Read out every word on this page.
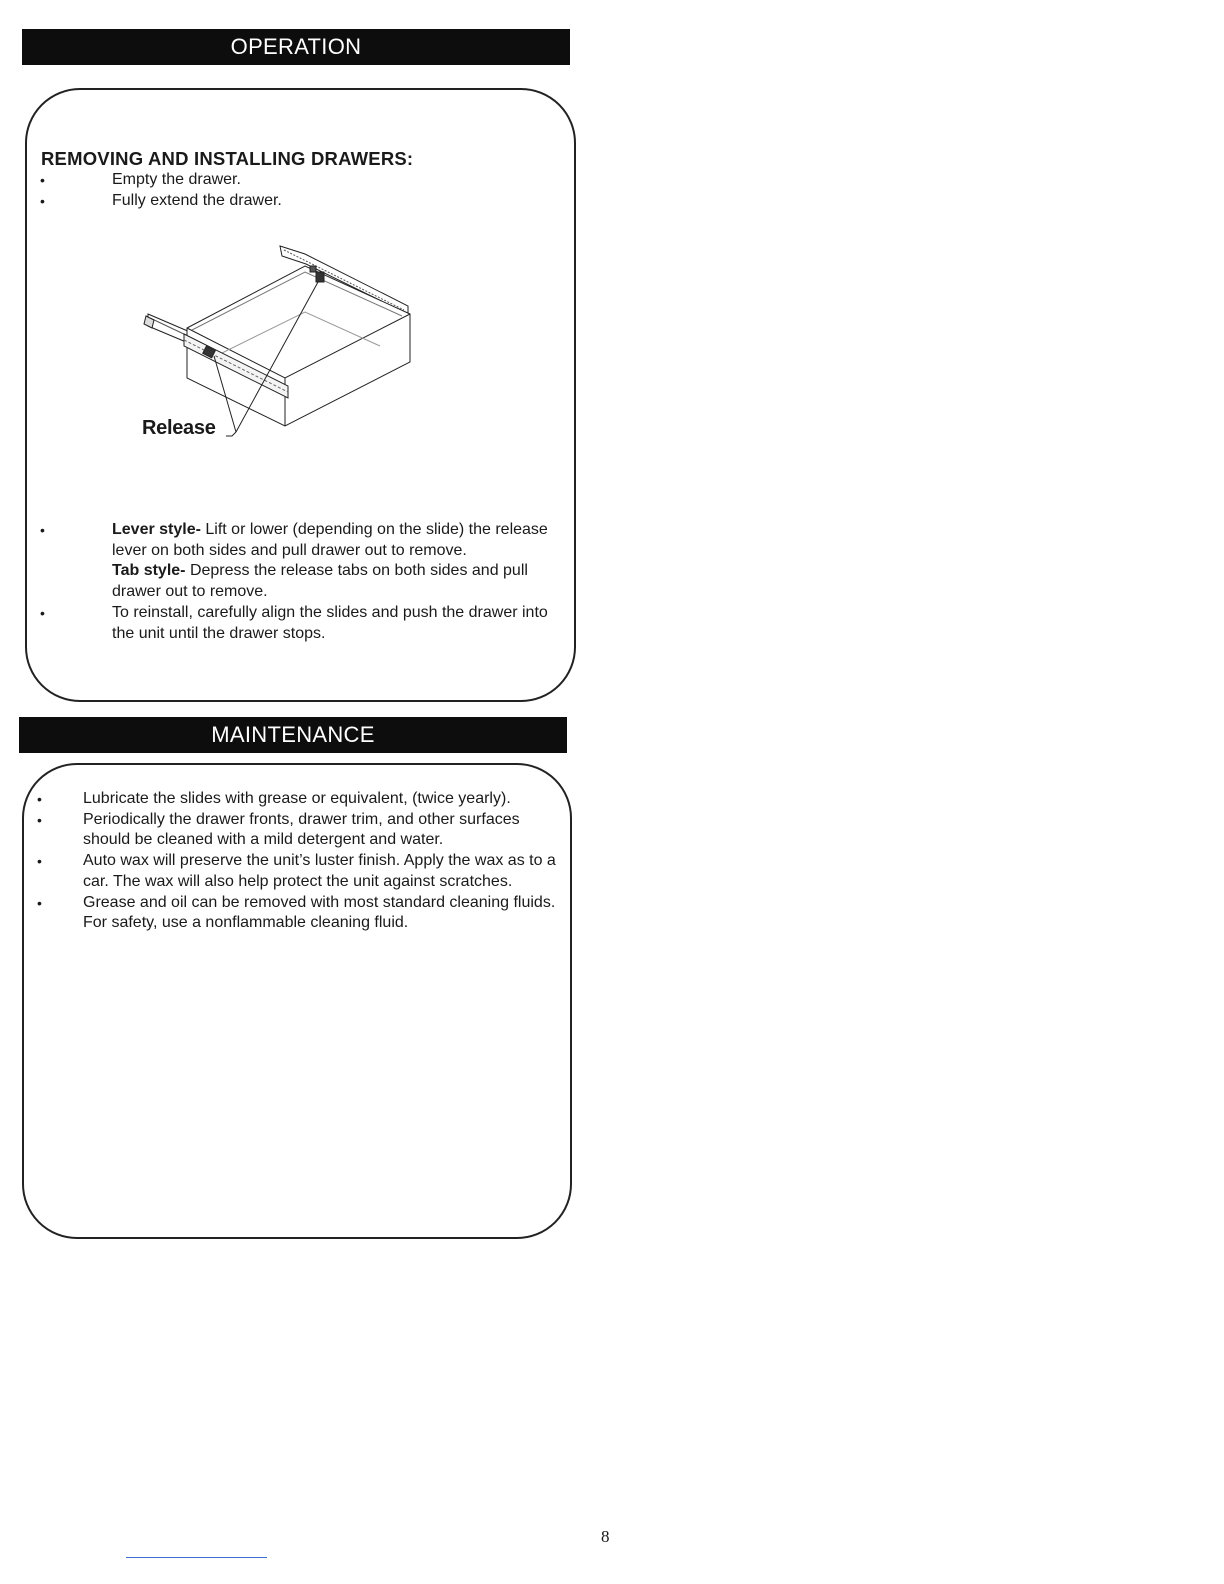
OPERATION
REMOVING AND INSTALLING DRAWERS:
•	Empty the drawer.
•	Fully extend the drawer.
Release
•	Lever style- Lift or lower (depending on the slide) the release lever on both sides and pull drawer out to remove.
Tab style- Depress the release tabs on both sides and pull drawer out to remove.
•	To reinstall, carefully align the slides and push the drawer into the unit until the drawer stops.
MAINTENANCE
•	Lubricate the slides with grease or equivalent, (twice yearly).
•	Periodically the drawer fronts, drawer trim, and other surfaces should be cleaned with a mild detergent and water.
•	Auto wax will preserve the unit’s luster finish. Apply the wax as to a car. The wax will also help protect the unit against scratches.
•	Grease and oil can be removed with most standard cleaning fluids. For safety, use a nonflammable cleaning fluid.
8
